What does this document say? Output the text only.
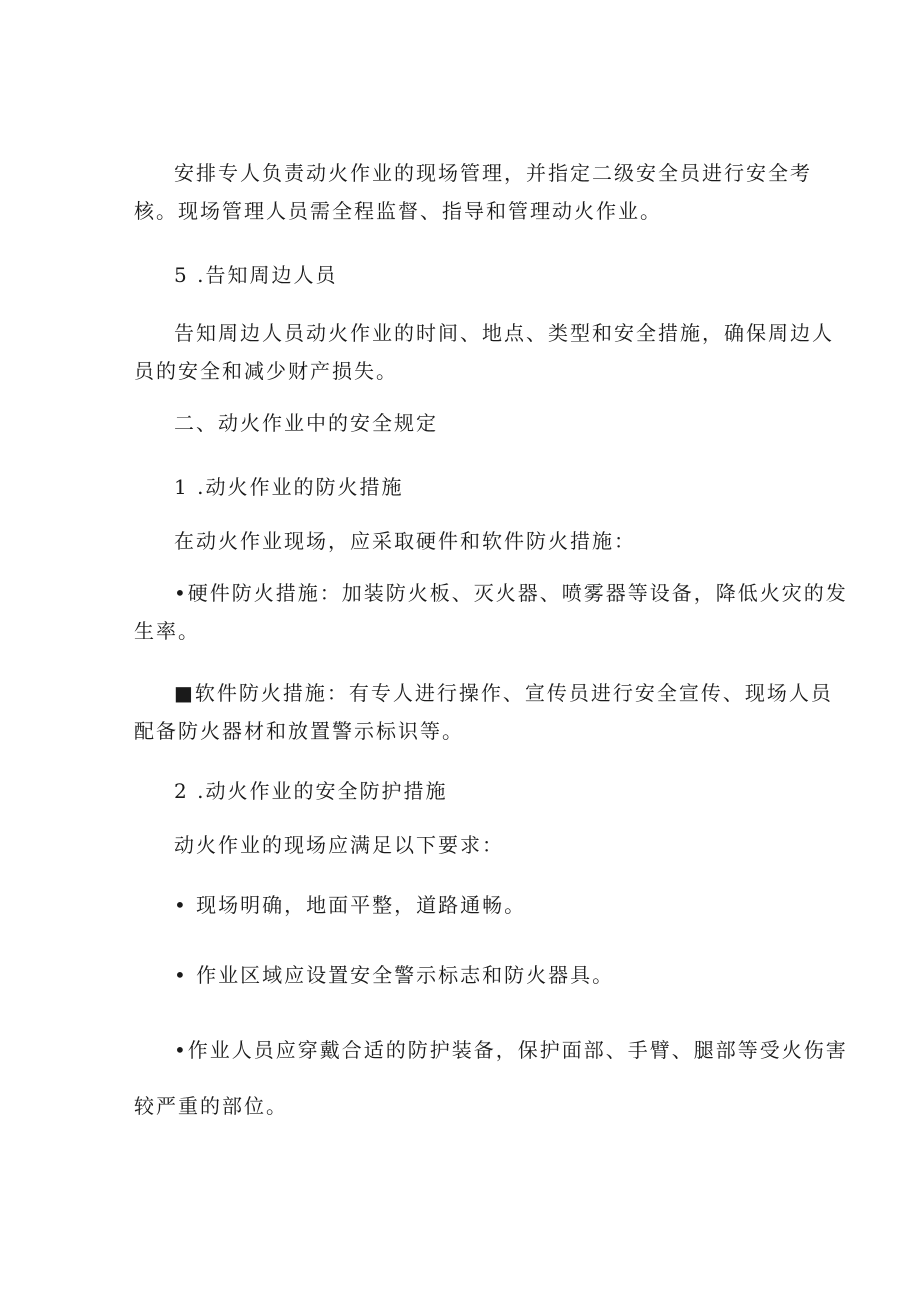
安排专人负责动火作业的现场管理，并指定二级安全员进行安全考
核。现场管理人员需全程监督、指导和管理动火作业。
5 .告知周边人员
告知周边人员动火作业的时间、地点、类型和安全措施，确保周边人
员的安全和减少财产损失。
二、动火作业中的安全规定
1 .动火作业的防火措施
在动火作业现场，应采取硬件和软件防火措施：
•硬件防火措施：加装防火板、灭火器、喷雾器等设备，降低火灾的发
生率。
■软件防火措施：有专人进行操作、宣传员进行安全宣传、现场人员
配备防火器材和放置警示标识等。
2 .动火作业的安全防护措施
动火作业的现场应满足以下要求：
• 现场明确，地面平整，道路通畅。
• 作业区域应设置安全警示标志和防火器具。
•作业人员应穿戴合适的防护装备，保护面部、手臂、腿部等受火伤害
较严重的部位。
